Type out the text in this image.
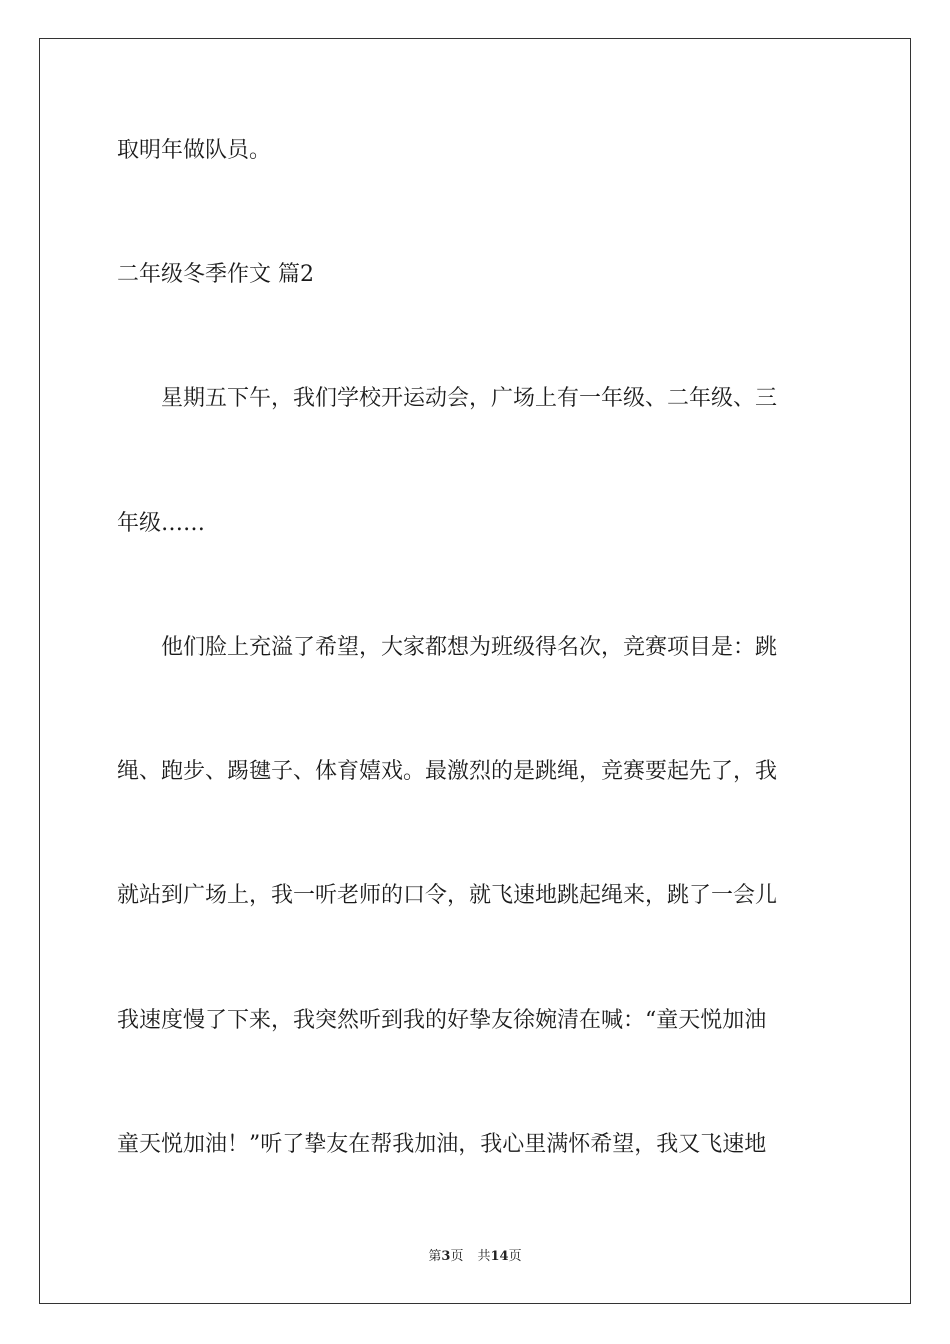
取明年做队员。
二年级冬季作文 篇2
　　星期五下午，我们学校开运动会，广场上有一年级、二年级、三
年级……
　　他们脸上充溢了希望，大家都想为班级得名次，竞赛项目是：跳
绳、跑步、踢毽子、体育嬉戏。最激烈的是跳绳，竞赛要起先了，我
就站到广场上，我一听老师的口令，就飞速地跳起绳来，跳了一会儿
我速度慢了下来，我突然听到我的好挚友徐婉清在喊：“童天悦加油
童天悦加油！”听了挚友在帮我加油，我心里满怀希望，我又飞速地
第3页 共14页
